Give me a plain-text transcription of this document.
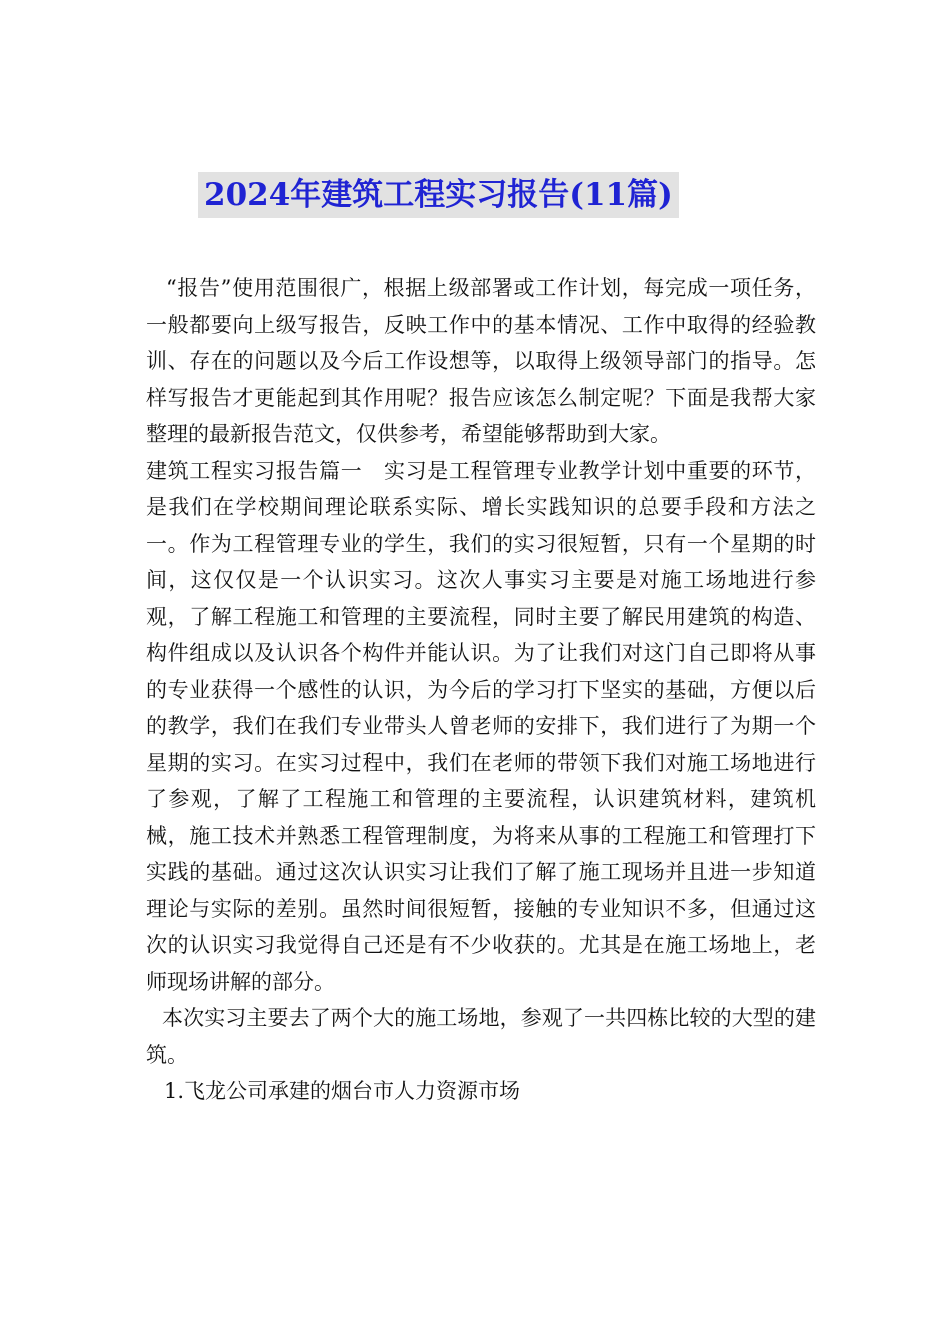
2024年建筑工程实习报告(11篇)

“报告”使用范围很广，根据上级部署或工作计划，每完成一项任务，一般都要向上级写报告，反映工作中的基本情况、工作中取得的经验教训、存在的问题以及今后工作设想等，以取得上级领导部门的指导。怎样写报告才更能起到其作用呢？报告应该怎么制定呢？下面是我帮大家整理的最新报告范文，仅供参考，希望能够帮助到大家。

建筑工程实习报告篇一　实习是工程管理专业教学计划中重要的环节，是我们在学校期间理论联系实际、增长实践知识的总要手段和方法之一。作为工程管理专业的学生，我们的实习很短暂，只有一个星期的时间，这仅仅是一个认识实习。这次人事实习主要是对施工场地进行参观，了解工程施工和管理的主要流程，同时主要了解民用建筑的构造、构件组成以及认识各个构件并能认识。为了让我们对这门自己即将从事的专业获得一个感性的认识，为今后的学习打下坚实的基础，方便以后的教学，我们在我们专业带头人曾老师的安排下，我们进行了为期一个星期的实习。在实习过程中，我们在老师的带领下我们对施工场地进行了参观，了解了工程施工和管理的主要流程，认识建筑材料，建筑机械，施工技术并熟悉工程管理制度，为将来从事的工程施工和管理打下实践的基础。通过这次认识实习让我们了解了施工现场并且进一步知道理论与实际的差别。虽然时间很短暂，接触的专业知识不多，但通过这次的认识实习我觉得自己还是有不少收获的。尤其是在施工场地上，老师现场讲解的部分。

本次实习主要去了两个大的施工场地，参观了一共四栋比较的大型的建筑。

1.飞龙公司承建的烟台市人力资源市场
